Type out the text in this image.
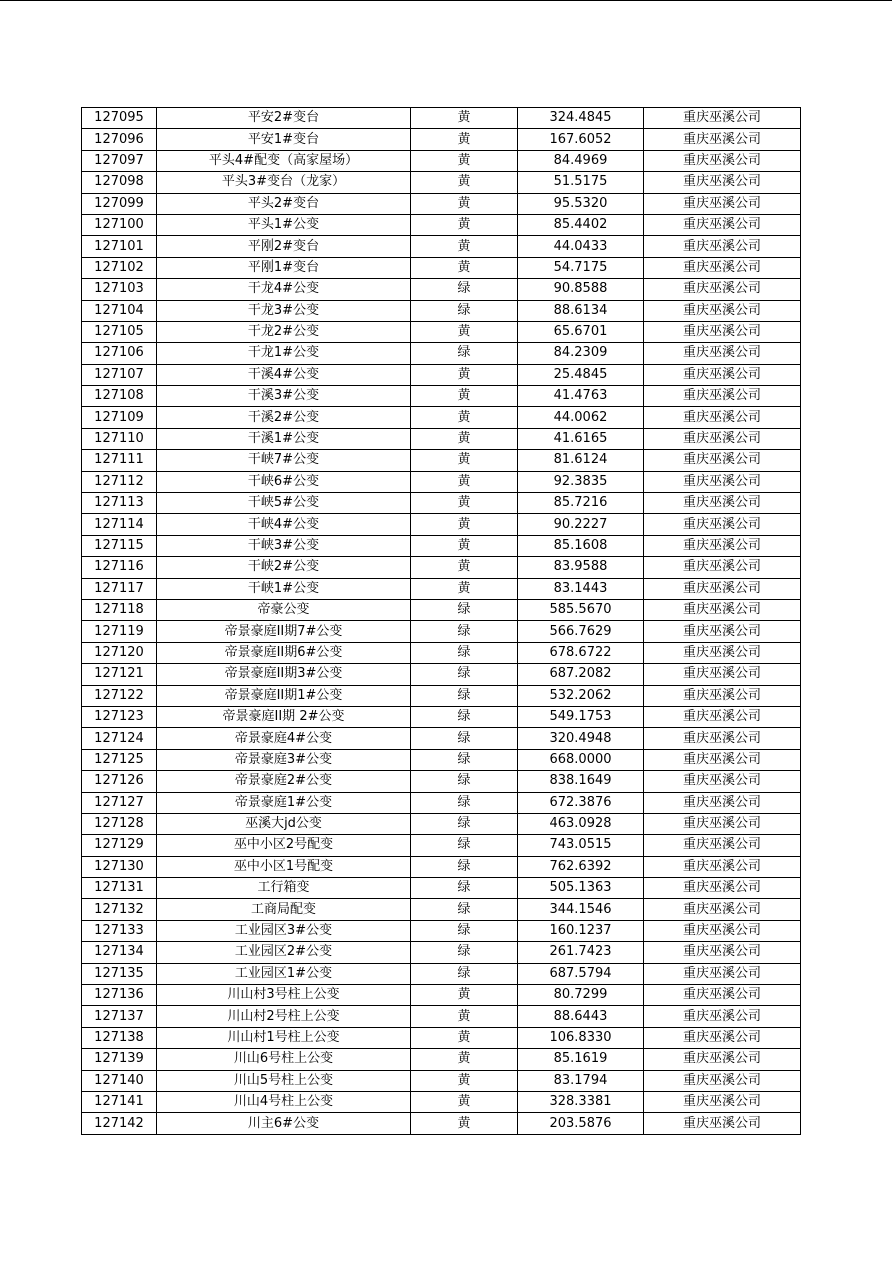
127095	平安2#变台	黄	324.4845	重庆巫溪公司
127096	平安1#变台	黄	167.6052	重庆巫溪公司
127097	平头4#配变（高家屋场）	黄	84.4969	重庆巫溪公司
127098	平头3#变台（龙家）	黄	51.5175	重庆巫溪公司
127099	平头2#变台	黄	95.5320	重庆巫溪公司
127100	平头1#公变	黄	85.4402	重庆巫溪公司
127101	平刚2#变台	黄	44.0433	重庆巫溪公司
127102	平刚1#变台	黄	54.7175	重庆巫溪公司
127103	干龙4#公变	绿	90.8588	重庆巫溪公司
127104	干龙3#公变	绿	88.6134	重庆巫溪公司
127105	干龙2#公变	黄	65.6701	重庆巫溪公司
127106	干龙1#公变	绿	84.2309	重庆巫溪公司
127107	干溪4#公变	黄	25.4845	重庆巫溪公司
127108	干溪3#公变	黄	41.4763	重庆巫溪公司
127109	干溪2#公变	黄	44.0062	重庆巫溪公司
127110	干溪1#公变	黄	41.6165	重庆巫溪公司
127111	干峡7#公变	黄	81.6124	重庆巫溪公司
127112	干峡6#公变	黄	92.3835	重庆巫溪公司
127113	干峡5#公变	黄	85.7216	重庆巫溪公司
127114	干峡4#公变	黄	90.2227	重庆巫溪公司
127115	干峡3#公变	黄	85.1608	重庆巫溪公司
127116	干峡2#公变	黄	83.9588	重庆巫溪公司
127117	干峡1#公变	黄	83.1443	重庆巫溪公司
127118	帝豪公变	绿	585.5670	重庆巫溪公司
127119	帝景豪庭II期7#公变	绿	566.7629	重庆巫溪公司
127120	帝景豪庭II期6#公变	绿	678.6722	重庆巫溪公司
127121	帝景豪庭II期3#公变	绿	687.2082	重庆巫溪公司
127122	帝景豪庭II期1#公变	绿	532.2062	重庆巫溪公司
127123	帝景豪庭II期 2#公变	绿	549.1753	重庆巫溪公司
127124	帝景豪庭4#公变	绿	320.4948	重庆巫溪公司
127125	帝景豪庭3#公变	绿	668.0000	重庆巫溪公司
127126	帝景豪庭2#公变	绿	838.1649	重庆巫溪公司
127127	帝景豪庭1#公变	绿	672.3876	重庆巫溪公司
127128	巫溪大jd公变	绿	463.0928	重庆巫溪公司
127129	巫中小区2号配变	绿	743.0515	重庆巫溪公司
127130	巫中小区1号配变	绿	762.6392	重庆巫溪公司
127131	工行箱变	绿	505.1363	重庆巫溪公司
127132	工商局配变	绿	344.1546	重庆巫溪公司
127133	工业园区3#公变	绿	160.1237	重庆巫溪公司
127134	工业园区2#公变	绿	261.7423	重庆巫溪公司
127135	工业园区1#公变	绿	687.5794	重庆巫溪公司
127136	川山村3号柱上公变	黄	80.7299	重庆巫溪公司
127137	川山村2号柱上公变	黄	88.6443	重庆巫溪公司
127138	川山村1号柱上公变	黄	106.8330	重庆巫溪公司
127139	川山6号柱上公变	黄	85.1619	重庆巫溪公司
127140	川山5号柱上公变	黄	83.1794	重庆巫溪公司
127141	川山4号柱上公变	黄	328.3381	重庆巫溪公司
127142	川主6#公变	黄	203.5876	重庆巫溪公司
